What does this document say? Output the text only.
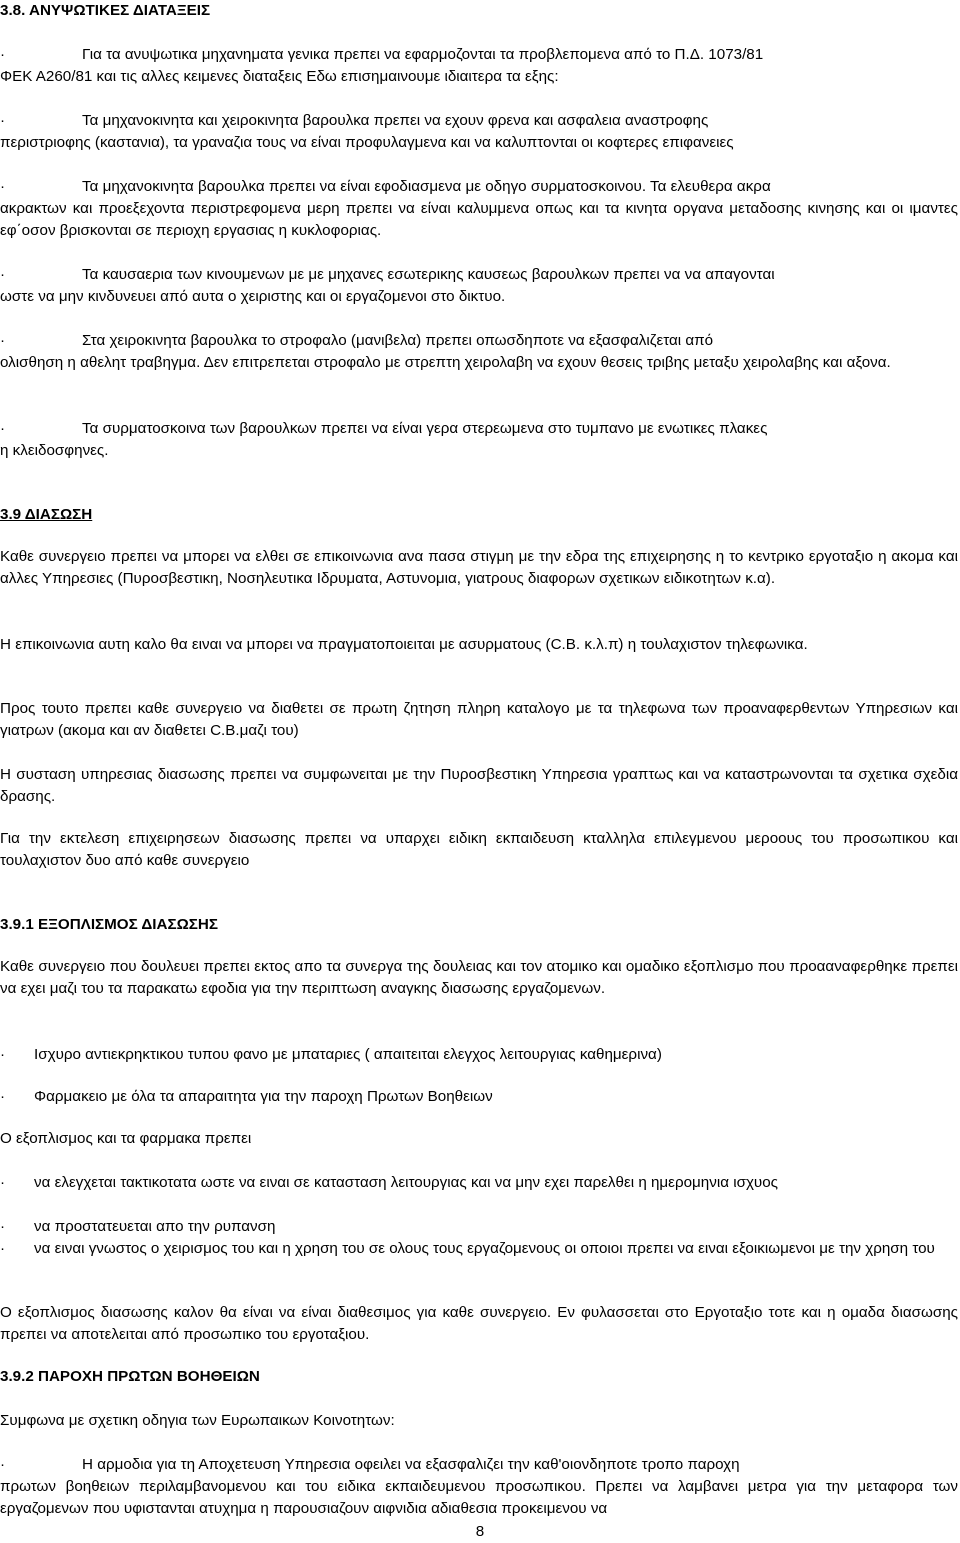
3.8. ΑΝΥΨΩΤΙΚΕΣ ΔΙΑΤΑΞΕΙΣ
·	Για τα ανυψωτικα μηχανηματα γενικα πρεπει να εφαρμοζονται τα προβλεπομενα από το Π.Δ. 1073/81

ΦΕΚ Α260/81 και τις αλλες κειμενες διαταξεις Εδω επισημαινουμε ιδιαιτερα τα εξης:

·	Τα μηχανοκινητα και χειροκινητα βαρουλκα πρεπει να εχουν φρενα και ασφαλεια αναστροφης

περιστριοφης (καστανια), τα γραναζια τους να είναι προφυλαγμενα και να καλυπτονται οι κοφτερες επιφανειες

·	Τα μηχανοκινητα βαρουλκα πρεπει να είναι εφοδιασμενα με οδηγο συρματοσκοινου. Τα ελευθερα ακρα

ακρακτων και προεξεχοντα περιστρεφομενα μερη πρεπει να είναι καλυμμενα οπως και τα κινητα οργανα μεταδοσης κινησης και οι ιμαντες εφ΄οσον βρισκονται σε περιοχη εργασιας η κυκλοφοριας.

·	Τα καυσαερια των κινουμενων με με μηχανες εσωτερικης καυσεως βαρουλκων πρεπει να να απαγονται

ωστε να μην κινδυνευει από αυτα ο χειριστης και οι εργαζομενοι στο δικτυο.

·	Στα χειροκινητα βαρουλκα το στροφαλο (μανιβελα) πρεπει οπωσδηποτε να εξασφαλιζεται από

ολισθηση η αθελητ τραβηγμα. Δεν επιτρεπεται στροφαλο με στρεπτη χειρολαβη να εχουν θεσεις τριβης μεταξυ χειρολαβης και αξονα.

·	Τα συρματοσκοινα των βαρουλκων πρεπει να είναι γερα στερεωμενα στο τυμπανο με ενωτικες πλακες

η κλειδοσφηνες.

3.9 ΔΙΑΣΩΣΗ

Καθε συνεργειο πρεπει να μπορει να ελθει σε επικοινωνια ανα πασα στιγμη με την εδρα της επιχειρησης η το κεντρικο εργοταξιο η ακομα και αλλες Υπηρεσιες (Πυροσβεστικη, Νοσηλευτικα Ιδρυματα, Αστυνομια, γιατρους διαφορων σχετικων ειδικοτητων κ.α).

Η επικοινωνια αυτη καλο θα ειναι να μπορει να πραγματοποιειται με ασυρματους (C.B. κ.λ.π) η τουλαχιστον τηλεφωνικα.

Προς τουτο πρεπει καθε συνεργειο να διαθετει σε πρωτη ζητηση πληρη καταλογο με τα τηλεφωνα των προαναφερθεντων Υπηρεσιων και γιατρων (ακομα και αν διαθετει C.B.μαζι του)

Η συσταση υπηρεσιας διασωσης πρεπει να συμφωνειται με την Πυροσβεστικη Υπηρεσια γραπτως και να καταστρωνονται τα σχετικα σχεδια δρασης.

Για την εκτελεση επιχειρησεων διασωσης πρεπει να υπαρχει ειδικη εκπαιδευση κταλληλα επιλεγμενου μεροους του προσωπικου και τουλαχιστον δυο από καθε συνεργειο

3.9.1 ΕΞΟΠΛΙΣΜΟΣ ΔΙΑΣΩΣΗΣ

Καθε συνεργειο που δουλευει πρεπει εκτος απο τα συνεργα της δουλειας και τον ατομικο και ομαδικο εξοπλισμο που προααναφερθηκε πρεπει να εχει μαζι του τα παρακατω εφοδια για την περιπτωση αναγκης διασωσης εργαζομενων.

·	Ισχυρο αντιεκρηκτικου τυπου φανο με μπαταριες ( απαιτειται ελεγχος λειτουργιας καθημερινα)
·	Φαρμακειο με όλα τα απαραιτητα για την παροχη Πρωτων Βοηθειων

Ο εξοπλισμος και τα φαρμακα πρεπει

·	να ελεγχεται τακτικοτατα ωστε να ειναι σε κατασταση λειτουργιας και να μην εχει παρελθει η ημερομηνια ισχυος

·	να προστατευεται απο την ρυπανση
·	να ειναι γνωστος ο χειρισμος του και η χρηση του σε ολους τους εργαζομενους οι οποιοι πρεπει να ειναι εξοικιωμενοι με την χρηση του

Ο εξοπλισμος διασωσης καλον θα είναι να είναι διαθεσιμος για καθε συνεργειο. Εν φυλασσεται στο Εργοταξιο τοτε και η ομαδα διασωσης πρεπει να αποτελειται από προσωπικο του εργοταξιου.

3.9.2 ΠΑΡΟΧΗ ΠΡΩΤΩΝ ΒΟΗΘΕΙΩΝ

Συμφωνα με σχετικη οδηγια των Ευρωπαικων Κοινοτητων:

·	Η αρμοδια για τη Αποχετευση Υπηρεσια οφειλει να εξασφαλιζει την καθ'οιονδηποτε τροπο παροχη

πρωτων βοηθειων περιλαμβανομενου και του ειδικα εκπαιδευμενου προσωπικου. Πρεπει να λαμβανει μετρα για την μεταφορα των εργαζομενων που υφιστανται ατυχημα η παρουσιαζουν αιφνιδια αδιαθεσια προκειμενου να

8
